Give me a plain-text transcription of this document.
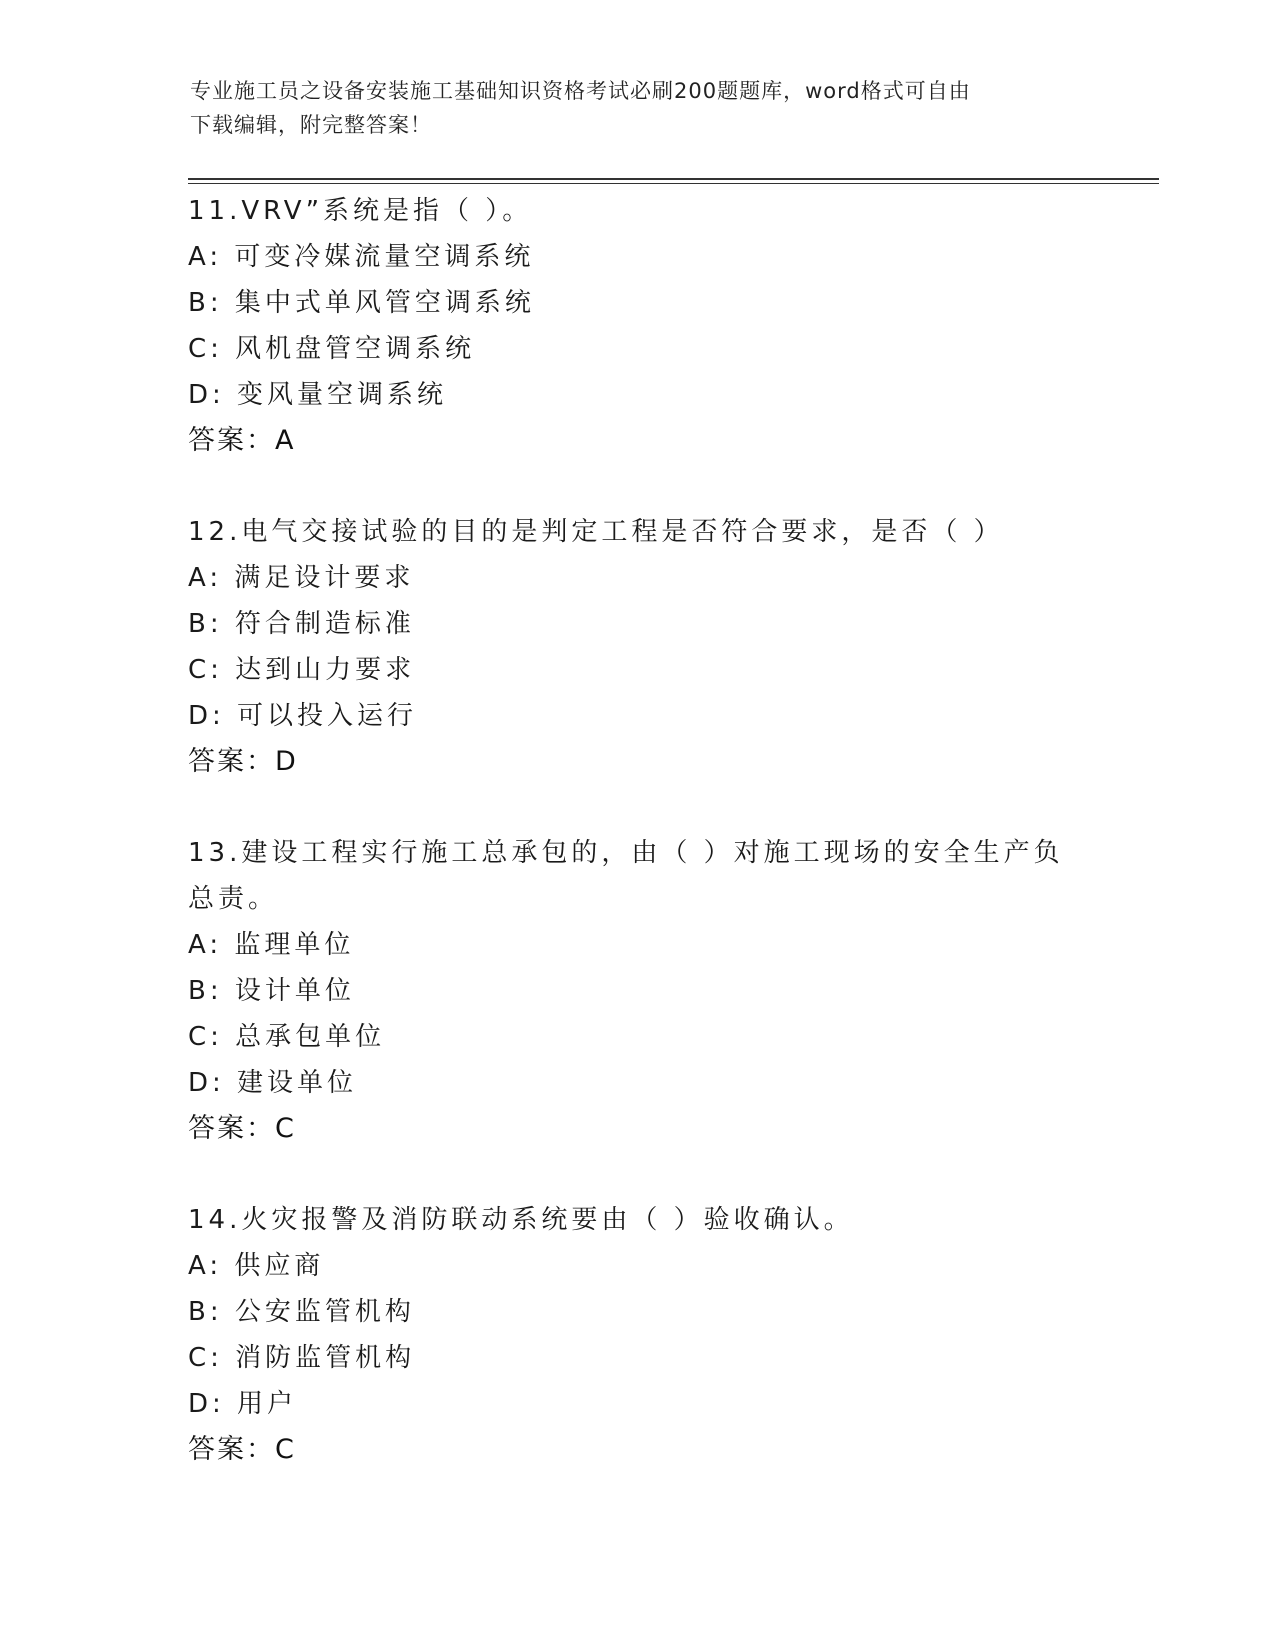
专业施工员之设备安装施工基础知识资格考试必刷200题题库，word格式可自由
下载编辑，附完整答案！
11.VRV”系统是指（ ）。
A: 可变冷媒流量空调系统
B: 集中式单风管空调系统
C: 风机盘管空调系统
D: 变风量空调系统
答案：A
12.电气交接试验的目的是判定工程是否符合要求，是否（ ）
A: 满足设计要求
B: 符合制造标准
C: 达到山力要求
D: 可以投入运行
答案：D
13.建设工程实行施工总承包的，由（ ）对施工现场的安全生产负总责。
A: 监理单位
B: 设计单位
C: 总承包单位
D: 建设单位
答案：C
14.火灾报警及消防联动系统要由（ ）验收确认。
A: 供应商
B: 公安监管机构
C: 消防监管机构
D: 用户
答案：C
